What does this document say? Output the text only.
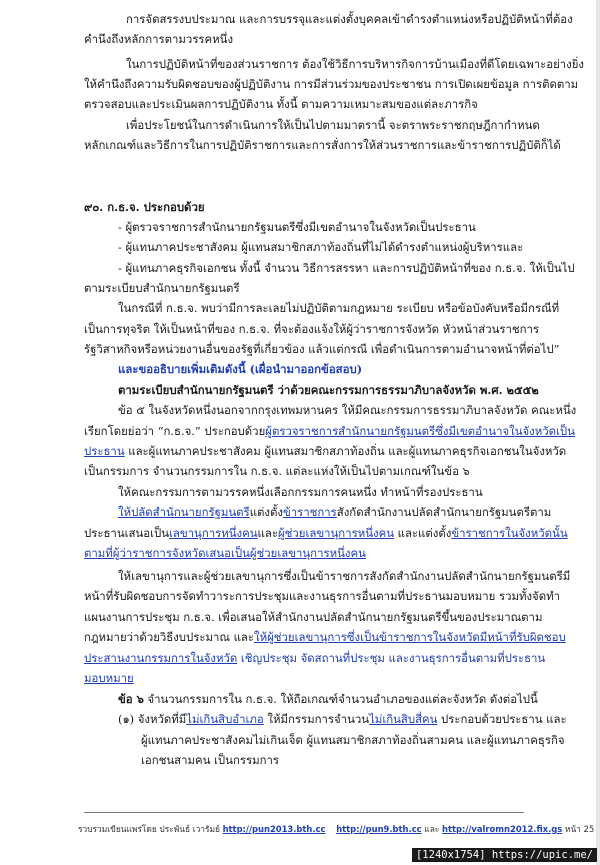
การจัดสรรงบประมาณ และการบรรจุและแต่งตั้งบุคคลเข้าดำรงตำแหน่งหรือปฏิบัติหน้าที่ต้อง
คำนึงถึงหลักการตามวรรคหนึ่ง
ในการปฏิบัติหน้าที่ของส่วนราชการ ต้องใช้วิธีการบริหารกิจการบ้านเมืองที่ดีโดยเฉพาะอย่างยิ่ง
ให้คำนึงถึงความรับผิดชอบของผู้ปฏิบัติงาน การมีส่วนร่วมของประชาชน การเปิดเผยข้อมูล การติดตาม
ตรวจสอบและประเมินผลการปฏิบัติงาน ทั้งนี้ ตามความเหมาะสมของแต่ละภารกิจ
เพื่อประโยชน์ในการดำเนินการให้เป็นไปตามมาตรานี้ จะตราพระราชกฤษฎีกากำหนด
หลักเกณฑ์และวิธีการในการปฏิบัติราชการและการสั่งการให้ส่วนราชการและข้าราชการปฏิบัติก็ได้
๙๐. ก.ธ.จ. ประกอบด้วย
- ผู้ตรวจราชการสำนักนายกรัฐมนตรีซึ่งมีเขตอำนาจในจังหวัดเป็นประธาน
- ผู้แทนภาคประชาสังคม ผู้แทนสมาชิกสภาท้องถิ่นที่ไม่ได้ดำรงตำแหน่งผู้บริหารและ
- ผู้แทนภาคธุรกิจเอกชน ทั้งนี้ จำนวน วิธีการสรรหา และการปฏิบัติหน้าที่ของ ก.ธ.จ. ให้เป็นไป
ตามระเบียบสำนักนายกรัฐมนตรี
ในกรณีที่ ก.ธ.จ. พบว่ามีการละเลยไม่ปฏิบัติตามกฎหมาย ระเบียบ หรือข้อบังคับหรือมีกรณีที่
เป็นการทุจริต ให้เป็นหน้าที่ของ ก.ธ.จ. ที่จะต้องแจ้งให้ผู้ว่าราชการจังหวัด หัวหน้าส่วนราชการ
รัฐวิสาหกิจหรือหน่วยงานอื่นของรัฐที่เกี่ยวข้อง แล้วแต่กรณี เพื่อดำเนินการตามอำนาจหน้าที่ต่อไป”
และขออธิบายเพิ่มเติมดังนี้ (เผื่อนำมาออกข้อสอบ)
ตามระเบียบสำนักนายกรัฐมนตรี ว่าด้วยคณะกรรมการธรรมาภิบาลจังหวัด พ.ศ. ๒๕๕๒
ข้อ ๕ ในจังหวัดหนึ่งนอกจากกรุงเทพมหานคร ให้มีคณะกรรมการธรรมาภิบาลจังหวัด คณะหนึ่ง
เรียกโดยย่อว่า “ก.ธ.จ.” ประกอบด้วยผู้ตรวจราชการสำนักนายกรัฐมนตรีซึ่งมีเขตอำนาจในจังหวัดเป็น
ประธาน และผู้แทนภาคประชาสังคม ผู้แทนสมาชิกสภาท้องถิ่น และผู้แทนภาคธุรกิจเอกชนในจังหวัด
เป็นกรรมการ จำนวนกรรมการใน ก.ธ.จ. แต่ละแห่งให้เป็นไปตามเกณฑ์ในข้อ ๖
ให้คณะกรรมการตามวรรคหนึ่งเลือกกรรมการคนหนึ่ง ทำหน้าที่รองประธาน
ให้ปลัดสำนักนายกรัฐมนตรีแต่งตั้งข้าราชการสังกัดสำนักงานปลัดสำนักนายกรัฐมนตรีตาม
ประธานเสนอเป็นเลขานุการหนึ่งคนและผู้ช่วยเลขานุการหนึ่งคน และแต่งตั้งข้าราชการในจังหวัดนั้น
ตามที่ผู้ว่าราชการจังหวัดเสนอเป็นผู้ช่วยเลขานุการหนึ่งคน
ให้เลขานุการและผู้ช่วยเลขานุการซึ่งเป็นข้าราชการสังกัดสำนักงานปลัดสำนักนายกรัฐมนตรีมี
หน้าที่รับผิดชอบการจัดทำวาระการประชุมและงานธุรการอื่นตามที่ประธานมอบหมาย รวมทั้งจัดทำ
แผนงานการประชุม ก.ธ.จ. เพื่อเสนอให้สำนักงานปลัดสำนักนายกรัฐมนตรีขึ้นของประมาณตาม
กฎหมายว่าด้วยวิธีงบประมาณ และให้ผู้ช่วยเลขานุการซึ่งเป็นข้าราชการในจังหวัดมีหน้าที่รับผิดชอบ
ประสานงานกรรมการในจังหวัด เชิญประชุม จัดสถานที่ประชุม และงานธุรการอื่นตามที่ประธาน
มอบหมาย
ข้อ ๖ จำนวนกรรมการใน ก.ธ.จ. ให้ถือเกณฑ์จำนวนอำเภอของแต่ละจังหวัด ดังต่อไปนี้
(๑) จังหวัดที่มีไม่เกินสิบอำเภอ ให้มีกรรมการจำนวนไม่เกินสิบสี่คน ประกอบด้วยประธาน และ
ผู้แทนภาคประชาสังคมไม่เกินเจ็ด ผู้แทนสมาชิกสภาท้องถิ่นสามคน และผู้แทนภาคธุรกิจ
เอกชนสามคน เป็นกรรมการ
รวบรวมเขียนแพร่โดย ประพันธ์ เวารัมย์ http://pun2013.bth.cc http://pun9.bth.cc และ http://valromn2012.fix.gs หน้า 25
[1240x1754] https://upic.me/
